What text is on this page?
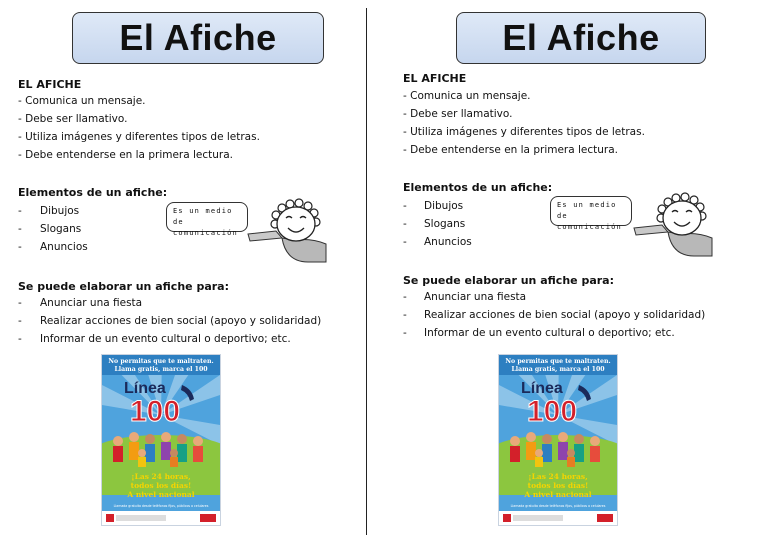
El Afiche
EL AFICHE
- Comunica un mensaje.
- Debe ser llamativo.
- Utiliza imágenes y diferentes tipos de letras.
- Debe entenderse en la primera lectura.
Elementos de un afiche:
- Dibujos
- Slogans
- Anuncios
Es un medio
de comunicación
Se puede elaborar un afiche para:
- Anunciar una fiesta
- Realizar acciones de bien social (apoyo y solidaridad)
- Informar de un evento cultural o deportivo; etc.
No permitas que te maltraten.
Llama gratis, marca el 100
Línea
100
¡Las 24 horas,
todos los días!
A nivel nacional
Llamada gratuita desde teléfonos fijos, públicos o celulares
El Afiche
EL AFICHE
- Comunica un mensaje.
- Debe ser llamativo.
- Utiliza imágenes y diferentes tipos de letras.
- Debe entenderse en la primera lectura.
Elementos de un afiche:
- Dibujos
- Slogans
- Anuncios
Es un medio
de comunicación
Se puede elaborar un afiche para:
- Anunciar una fiesta
- Realizar acciones de bien social (apoyo y solidaridad)
- Informar de un evento cultural o deportivo; etc.
No permitas que te maltraten.
Llama gratis, marca el 100
Línea
100
¡Las 24 horas,
todos los días!
A nivel nacional
Llamada gratuita desde teléfonos fijos, públicos o celulares
